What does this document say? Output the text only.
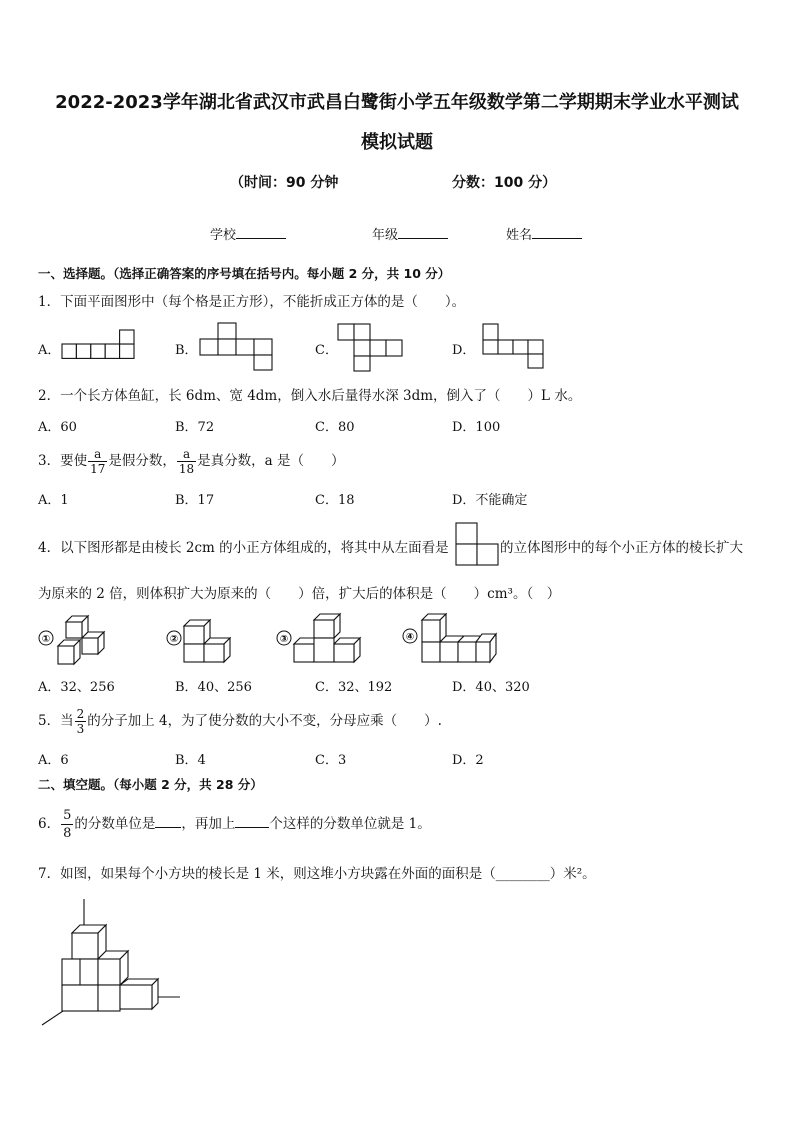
2022-2023学年湖北省武汉市武昌白鹭街小学五年级数学第二学期期末学业水平测试
模拟试题
（时间：90 分钟	分数：100 分）
学校	年级	姓名
一、选择题。（选择正确答案的序号填在括号内。每小题 2 分，共 10 分）
1．下面平面图形中（每个格是正方形），不能折成正方体的是（　　）。
A．	B．	C．	D．
2．一个长方体鱼缸，长 6dm、宽 4dm，倒入水后量得水深 3dm，倒入了（　　）L 水。
A．60	B．72	C．80	D．100
3．要使 $\frac{a}{17}$ 是假分数， $\frac{a}{18}$ 是真分数，a 是（　　）
A．1	B．17	C．18	D．不能确定
4．以下图形都是由棱长 2cm 的小正方体组成的，将其中从左面看是	的立体图形中的每个小正方体的棱长扩大
为原来的 2 倍，则体积扩大为原来的（　　）倍，扩大后的体积是（　　）cm³。（　）
①	②	③	④
A．32、256	B．40、256	C．32、192	D．40、320
5．当 $\frac{2}{3}$ 的分子加上 4，为了使分数的大小不变，分母应乘（　　）.
A．6	B．4	C．3	D．2
二、填空题。（每小题 2 分，共 28 分）
6． $\frac{5}{8}$ 的分数单位是 ，再加上	个这样的分数单位就是 1。
7．如图，如果每个小方块的棱长是 1 米，则这堆小方块露在外面的面积是（________）米²。
